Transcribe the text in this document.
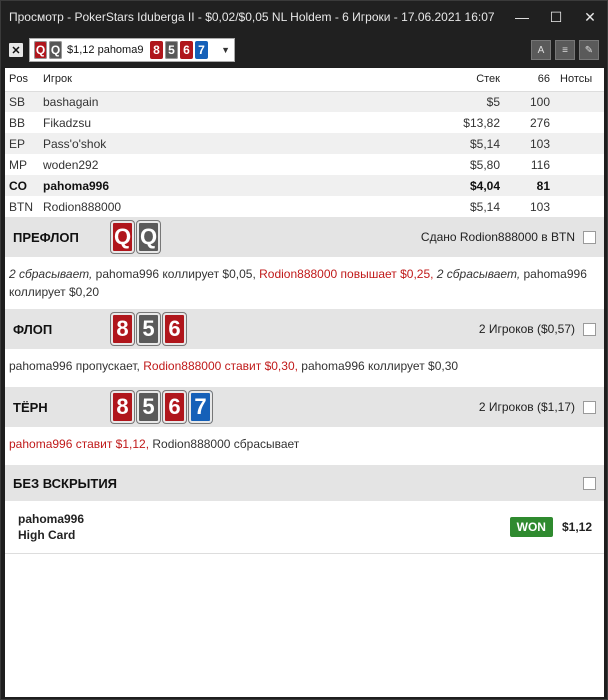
Просмотр - PokerStars Iduberga II - $0,02/$0,05 NL Holdem - 6 Игроки - 17.06.2021 16:07	—	☐	✕
✕ Q Q $1,12 pahoma9 8 5 6 7	▼	A	≡	✎
Pos	Игрок	Стек	66	Нотсы
SB	bashagain	$5	100	
BB	Fikadzsu	$13,82	276	
EP	Pass'o'shok	$5,14	103	
MP	woden292	$5,80	116	
CO	pahoma996	$4,04	81	
BTN	Rodion888000	$5,14	103	
ПРЕФЛОП	Q Q	Сдано Rodion888000 в BTN
2 сбрасывает, pahoma996 коллирует $0,05, Rodion888000 повышает $0,25, 2 сбрасывает, pahoma996 коллирует $0,20
ФЛОП	8 5 6	2 Игроков ($0,57)
pahoma996 пропускает, Rodion888000 ставит $0,30, pahoma996 коллирует $0,30
ТЁРН	8 5 6 7	2 Игроков ($1,17)
pahoma996 ставит $1,12, Rodion888000 сбрасывает
БЕЗ ВСКРЫТИЯ
pahoma996
High Card
WON	$1,12
